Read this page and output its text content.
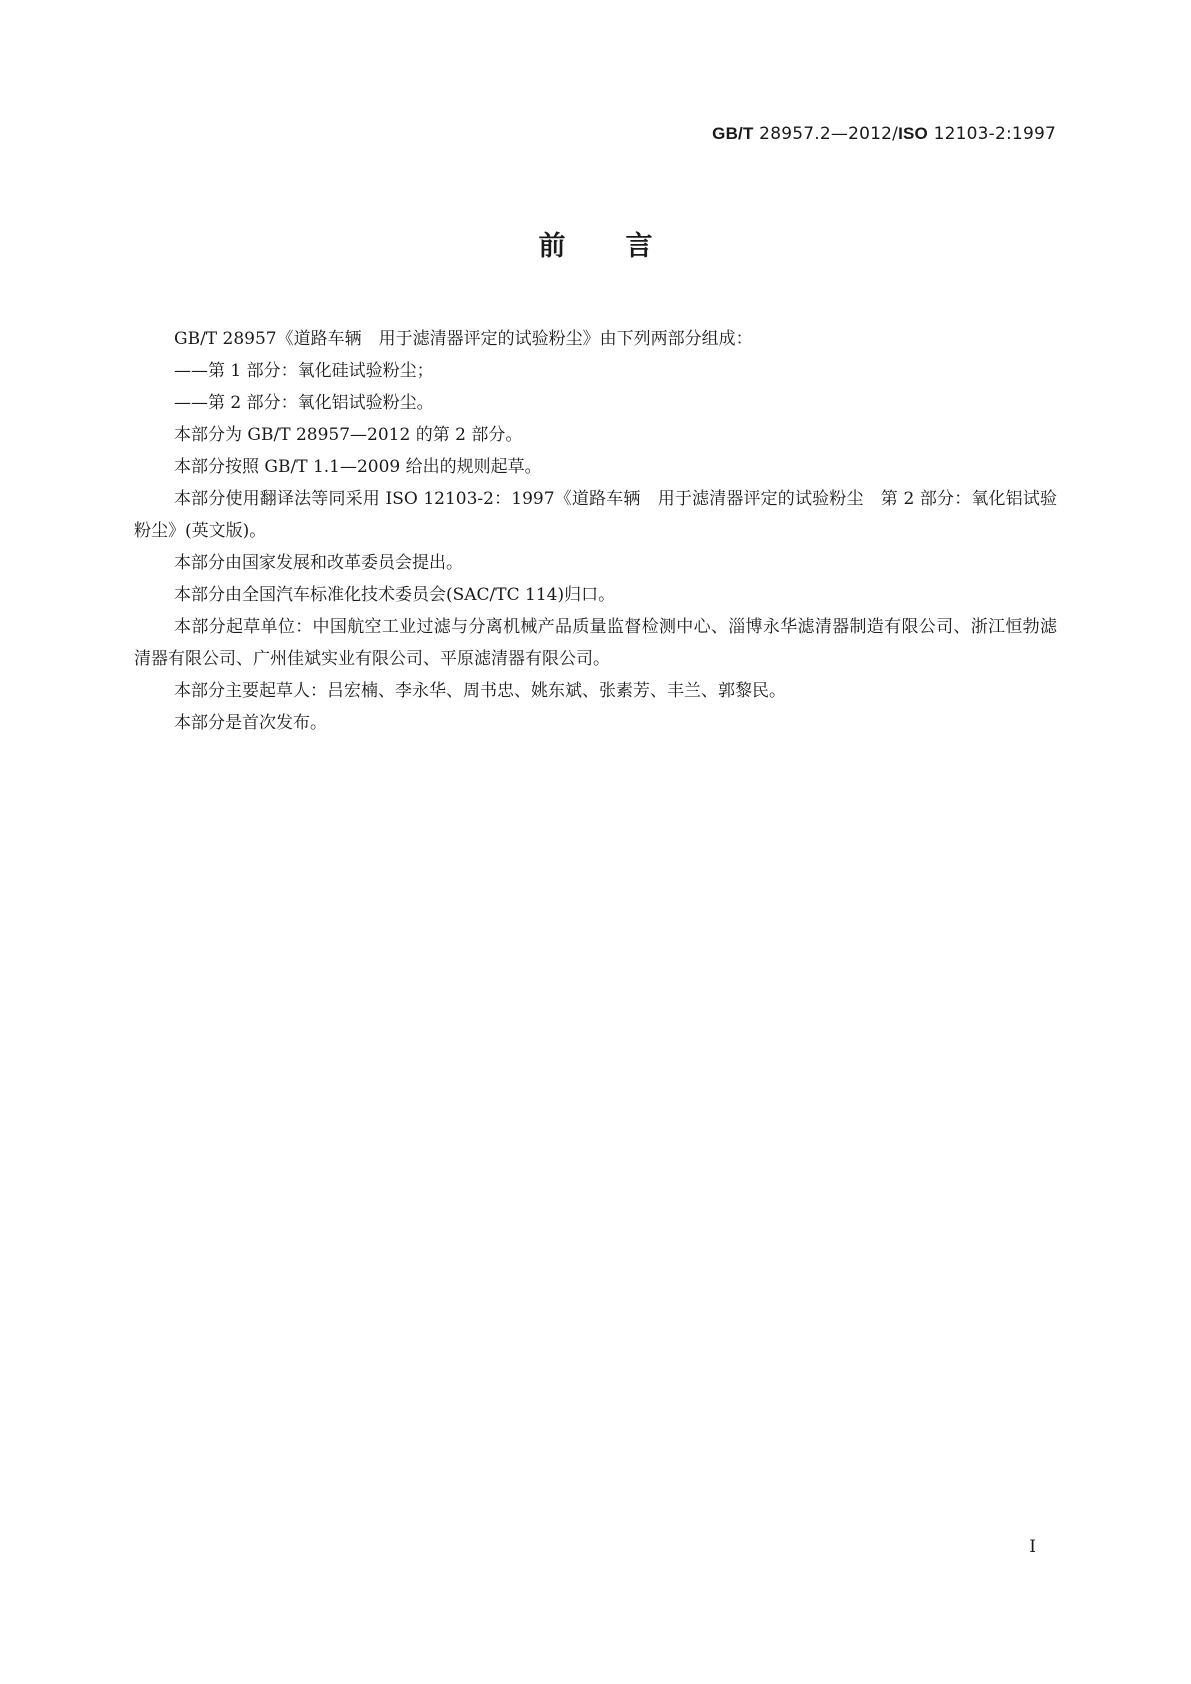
GB/T 28957.2—2012/ISO 12103-2:1997
前 言

GB/T 28957《道路车辆　用于滤清器评定的试验粉尘》由下列两部分组成：

——第 1 部分：氧化硅试验粉尘；

——第 2 部分：氧化铝试验粉尘。

本部分为 GB/T 28957—2012 的第 2 部分。

本部分按照 GB/T 1.1—2009 给出的规则起草。

本部分使用翻译法等同采用 ISO 12103-2：1997《道路车辆　用于滤清器评定的试验粉尘　第 2 部分：氧化铝试验粉尘》(英文版)。

本部分由国家发展和改革委员会提出。

本部分由全国汽车标准化技术委员会(SAC/TC 114)归口。

本部分起草单位：中国航空工业过滤与分离机械产品质量监督检测中心、淄博永华滤清器制造有限公司、浙江恒勃滤清器有限公司、广州佳斌实业有限公司、平原滤清器有限公司。

本部分主要起草人：吕宏楠、李永华、周书忠、姚东斌、张素芳、丰兰、郭黎民。

本部分是首次发布。

I
